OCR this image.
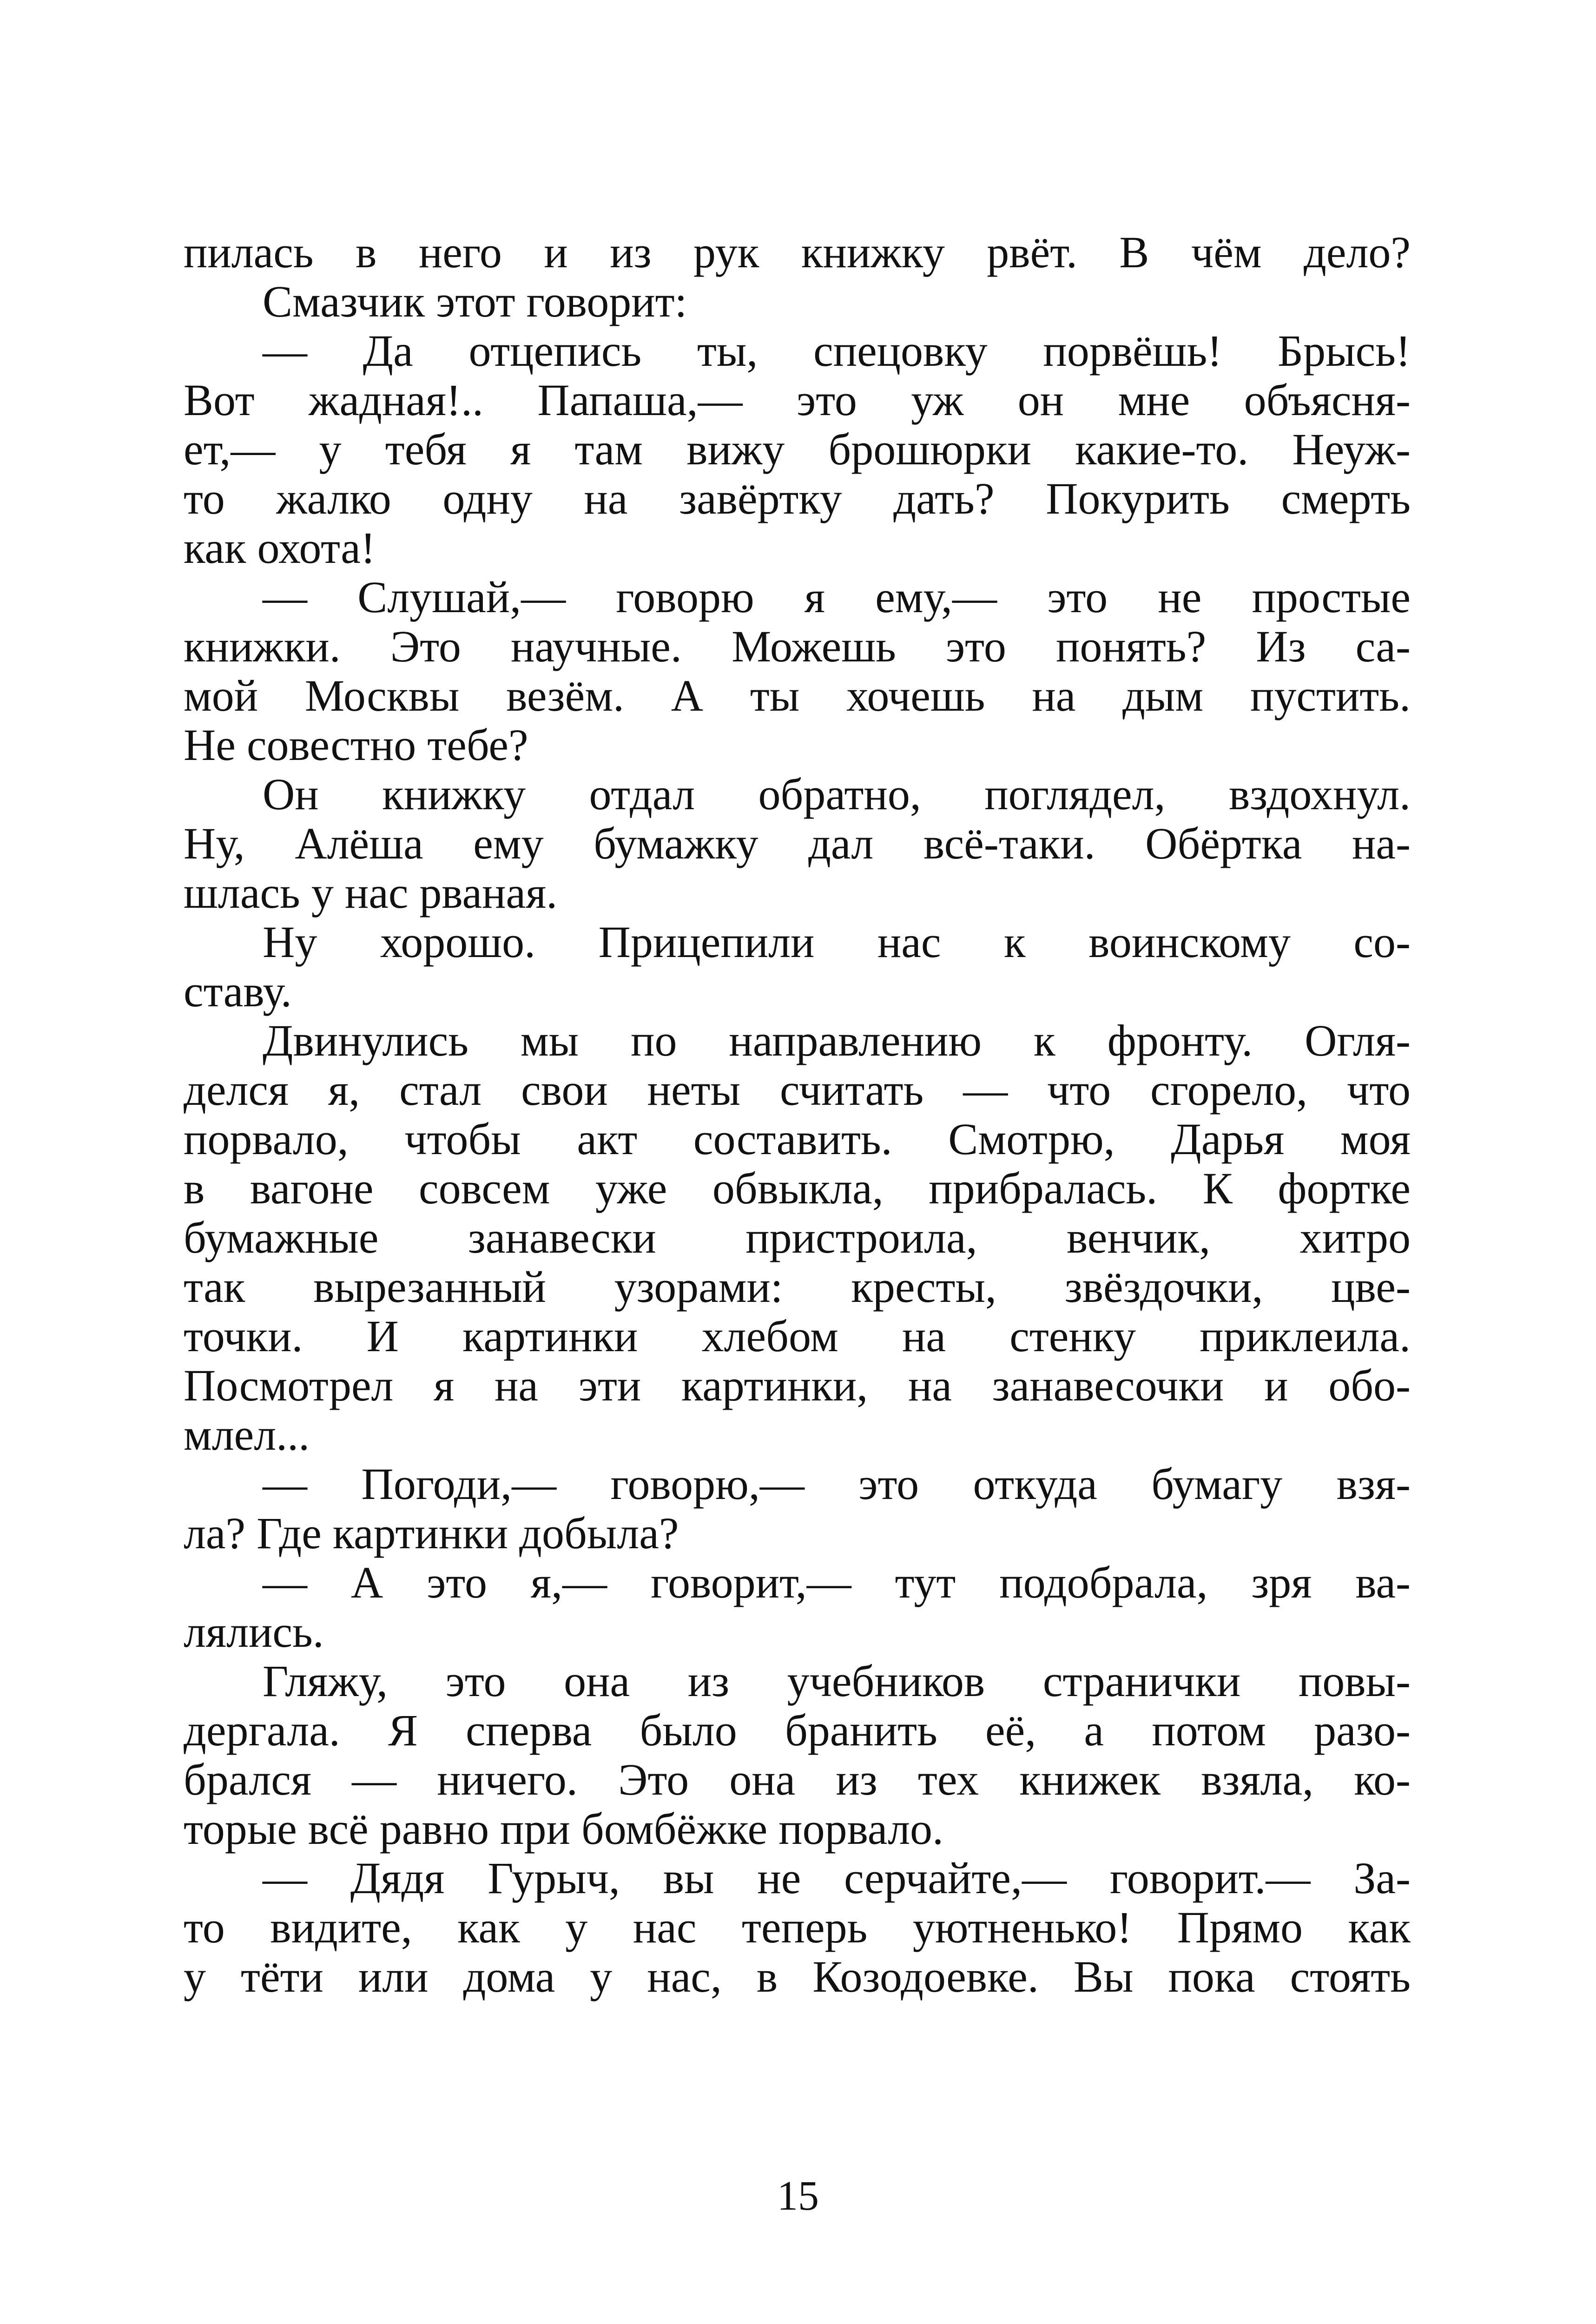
пилась в него и из рук книжку рвёт. В чём дело?
Смазчик этот говорит:
— Да отцепись ты, спецовку порвёшь! Брысь!
Вот жадная!.. Папаша,— это уж он мне объясня-
ет,— у тебя я там вижу брошюрки какие-то. Неуж-
то жалко одну на завёртку дать? Покурить смерть
как охота!
— Слушай,— говорю я ему,— это не простые
книжки. Это научные. Можешь это понять? Из са-
мой Москвы везём. А ты хочешь на дым пустить.
Не совестно тебе?
Он книжку отдал обратно, поглядел, вздохнул.
Ну, Алёша ему бумажку дал всё-таки. Обёртка на-
шлась у нас рваная.
Ну хорошо. Прицепили нас к воинскому со-
ставу.
Двинулись мы по направлению к фронту. Огля-
делся я, стал свои неты считать — что сгорело, что
порвало, чтобы акт составить. Смотрю, Дарья моя
в вагоне совсем уже обвыкла, прибралась. К фортке
бумажные занавески пристроила, венчик, хитро
так вырезанный узорами: кресты, звёздочки, цве-
точки. И картинки хлебом на стенку приклеила.
Посмотрел я на эти картинки, на занавесочки и обо-
млел...
— Погоди,— говорю,— это откуда бумагу взя-
ла? Где картинки добыла?
— А это я,— говорит,— тут подобрала, зря ва-
лялись.
Гляжу, это она из учебников странички повы-
дергала. Я сперва было бранить её, а потом разо-
брался — ничего. Это она из тех книжек взяла, ко-
торые всё равно при бомбёжке порвало.
— Дядя Гурыч, вы не серчайте,— говорит.— За-
то видите, как у нас теперь уютненько! Прямо как
у тёти или дома у нас, в Козодоевке. Вы пока стоять
15
